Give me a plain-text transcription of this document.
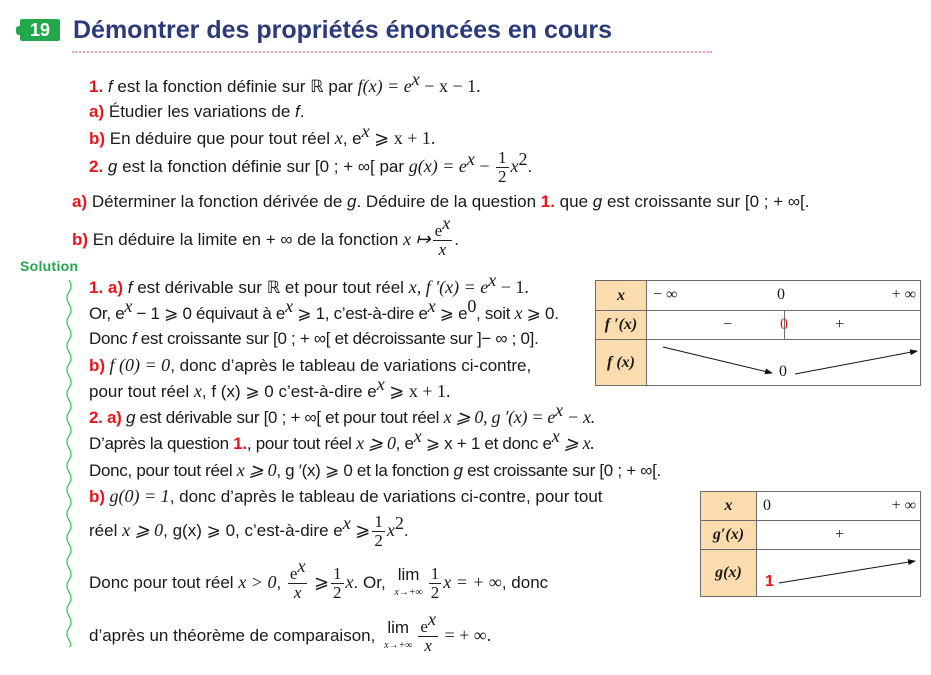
19 Démontrer des propriétés énoncées en cours
1. f est la fonction définie sur ℝ par $f(x) = e^x - x - 1$.
a) Étudier les variations de f.
b) En déduire que pour tout réel x, $e^x$ ⩾ x + 1.
2. g est la fonction définie sur [0 ; + ∞[ par $g(x) = e^x - \frac{1}{2} x^2$.
a) Déterminer la fonction dérivée de g. Déduire de la question 1. que g est croissante sur [0 ; + ∞[.
b) En déduire la limite en + ∞ de la fonction x ↦ $\frac{e^x}{x}$ .
Solution
1. a) f est dérivable sur ℝ et pour tout réel x, f $'(x) = e^x - 1$.
Or, $e^x - 1$ ⩾ 0 équivaut à $e^x$ ⩾ 1, c’est-à-dire $e^x$ ⩾ $e^0$, soit x ⩾ 0.
Donc f est croissante sur [0 ; + ∞[ et décroissante sur ]− ∞ ; 0].
b) f (0) = 0, donc d’après le tableau de variations ci-contre,
pour tout réel x, f (x) ⩾ 0 c’est-à-dire $e^x$ ⩾ x + 1.
2. a) g est dérivable sur [0 ; + ∞[ et pour tout réel x ⩾ 0, g $'(x) = e^x - x$.
D’après la question 1., pour tout réel x ⩾ 0, $e^x$ ⩾ x + 1 et donc $e^x$ ⩾ x.
Donc, pour tout réel x ⩾ 0, g ′(x) ⩾ 0 et la fonction g est croissante sur [0 ; + ∞[.
b) g(0) = 1, donc d’après le tableau de variations ci-contre, pour tout
réel x ⩾ 0, g(x) ⩾ 0, c’est-à-dire $e^x$ ⩾ $\frac{1}{2} x^2$.
Donc pour tout réel x > 0, $\frac{e^x}{x}$ ⩾ $\frac{1}{2} x$. Or, lim
$x\to+\infty \frac{1}{2}$ x = + ∞, donc
d’après un théorème de comparaison, lim
$x\to+\infty \frac{e^x}{x}$ = + ∞.
x	− ∞ 0 + ∞

f ′(x)	− 0 +

f (x)	0
x	0 + ∞

g′(x)	+

g(x)	1
